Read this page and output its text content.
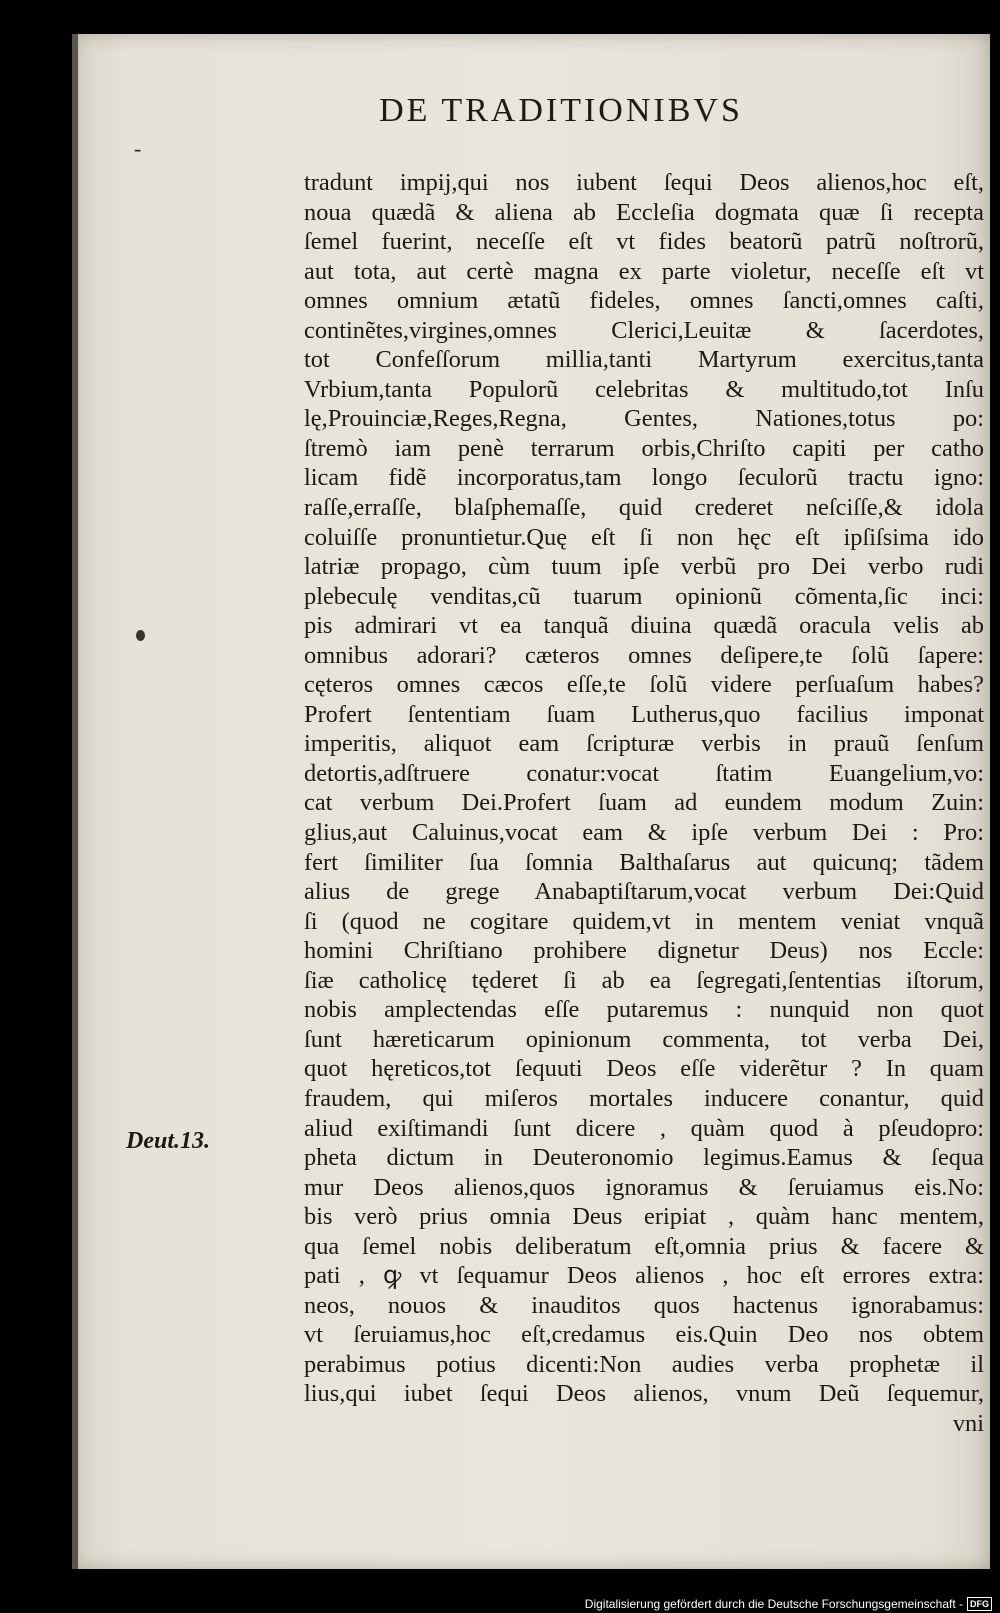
DE TRADITIONIBVS
tradunt impij,qui nos iubent ſequi Deos alienos,hoc eſt,
noua quædã & aliena ab Eccleſia dogmata quæ ſi recepta
ſemel fuerint, neceſſe eſt vt fides beatorũ patrũ noſtrorũ,
aut tota, aut certè magna ex parte violetur, neceſſe eſt vt
omnes omnium ætatũ fideles, omnes ſancti,omnes caſti,
continẽtes,virgines,omnes Clerici,Leuitæ & ſacerdotes,
tot Confeſſorum millia,tanti Martyrum exercitus,tanta
Vrbium,tanta Populorũ celebritas & multitudo,tot Inſu
lę,Prouinciæ,Reges,Regna, Gentes, Nationes,totus po:
ſtremò iam penè terrarum orbis,Chriſto capiti per catho
licam fidẽ incorporatus,tam longo ſeculorũ tractu igno:
raſſe,erraſſe, blaſphemaſſe, quid crederet neſciſſe,& idola
coluiſſe pronuntietur.Quę eſt ſi non hęc eſt ipſiſsima ido
latriæ propago, cùm tuum ipſe verbũ pro Dei verbo rudi
plebeculę venditas,cũ tuarum opinionũ cõmenta,ſic inci:
pis admirari vt ea tanquã diuina quædã oracula velis ab
omnibus adorari? cæteros omnes deſipere,te ſolũ ſapere:
cęteros omnes cæcos eſſe,te ſolũ videre perſuaſum habes?
Profert ſententiam ſuam Lutherus,quo facilius imponat
imperitis, aliquot eam ſcripturæ verbis in prauũ ſenſum
detortis,adſtruere conatur:vocat ſtatim Euangelium,vo:
cat verbum Dei.Profert ſuam ad eundem modum Zuin:
glius,aut Caluinus,vocat eam & ipſe verbum Dei : Pro:
fert ſimiliter ſua ſomnia Balthaſarus aut quicunq; tãdem
alius de grege Anabaptiſtarum,vocat verbum Dei:Quid
ſi (quod ne cogitare quidem,vt in mentem veniat vnquã
homini Chriſtiano prohibere dignetur Deus) nos Eccle:
ſiæ catholicę tęderet ſi ab ea ſegregati,ſententias iſtorum,
nobis amplectendas eſſe putaremus : nunquid non quot
ſunt hæreticarum opinionum commenta, tot verba Dei,
quot hęreticos,tot ſequuti Deos eſſe viderẽtur ? In quam
fraudem, qui miſeros mortales inducere conantur, quid
aliud exiſtimandi ſunt dicere , quàm quod à pſeudopro:
pheta dictum in Deuteronomio legimus.Eamus & ſequa
mur Deos alienos,quos ignoramus & ſeruiamus eis.No:
bis verò prius omnia Deus eripiat , quàm hanc mentem,
qua ſemel nobis deliberatum eſt,omnia prius & facere &
pati , ꝙ vt ſequamur Deos alienos , hoc eſt errores extra:
neos, nouos & inauditos quos hactenus ignorabamus:
vt ſeruiamus,hoc eſt,credamus eis.Quin Deo nos obtem
perabimus potius dicenti:Non audies verba prophetæ il
lius,qui iubet ſequi Deos alienos, vnum Deũ ſequemur,
vni
-
Deut.13.
Digitalisierung gefördert durch die Deutsche Forschungsgemeinschaft - DFG
